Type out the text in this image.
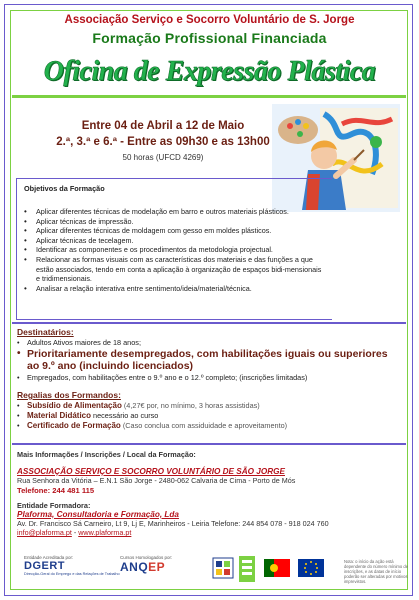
Associação Serviço e Socorro Voluntário de S. Jorge
Formação Profissional Financiada
Oficina de Expressão Plástica
Entre 04 de Abril a 12 de Maio
2.ª, 3.ª e 6.ª - Entre as 09h30 e as 13h00
50 horas (UFCD 4269)
Objetivos da Formação
• Aplicar diferentes técnicas de modelação em barro e outros materiais plásticos.
• Aplicar técnicas de impressão.
• Aplicar diferentes técnicas de moldagem com gesso em moldes plásticos.
• Aplicar técnicas de tecelagem.
• Identificar as componentes e os procedimentos da metodologia projectual.
• Relacionar as formas visuais com as características dos materiais e das funções a que estão associados, tendo em conta a aplicação à organização de espaços bidi-mensionais e tridimensionais.
• Analisar a relação interativa entre sentimento/ideia/material/técnica.
Destinatários:
• Adultos Ativos maiores de 18 anos;
• Prioritariamente desempregados, com habilitações iguais ou superiores ao 9.º ano (incluindo licenciados)
• Empregados, com habilitações entre o 9.º ano e o 12.º completo; (inscrições limitadas)
Regalias dos Formandos:
• Subsídio de Alimentação (4,27€ por, no mínimo, 3 horas assistidas)
• Material Didático necessário ao curso
• Certificado de Formação (Caso conclua com assiduidade e aproveitamento)
Mais Informações / Inscrições / Local da Formação:
ASSOCIAÇÃO SERVIÇO E SOCORRO VOLUNTÁRIO DE SÃO JORGE
Rua Senhora da Vitória – E.N.1 São Jorge - 2480-062 Calvaria de Cima - Porto de Mós
Telefone: 244 481 115
Entidade Formadora:
Plaforma, Consultadoria e Formação, Lda
Av. Dr. Francisco Sá Carneiro, Lt 9, Lj E, Marinheiros - Leiria Telefone: 244 854 078 - 918 024 760
info@plaforma.pt - www.plaforma.pt
Entidade Acreditada por:
DGERT
Direcção-Geral do Emprego e das Relações de Trabalho
Cursos Homologados por:
ANQEP	Nota: o início da ação está dependente do número mínimo de inscrições, e as datas de início poderão ser alteradas por motivos imprevistos.
